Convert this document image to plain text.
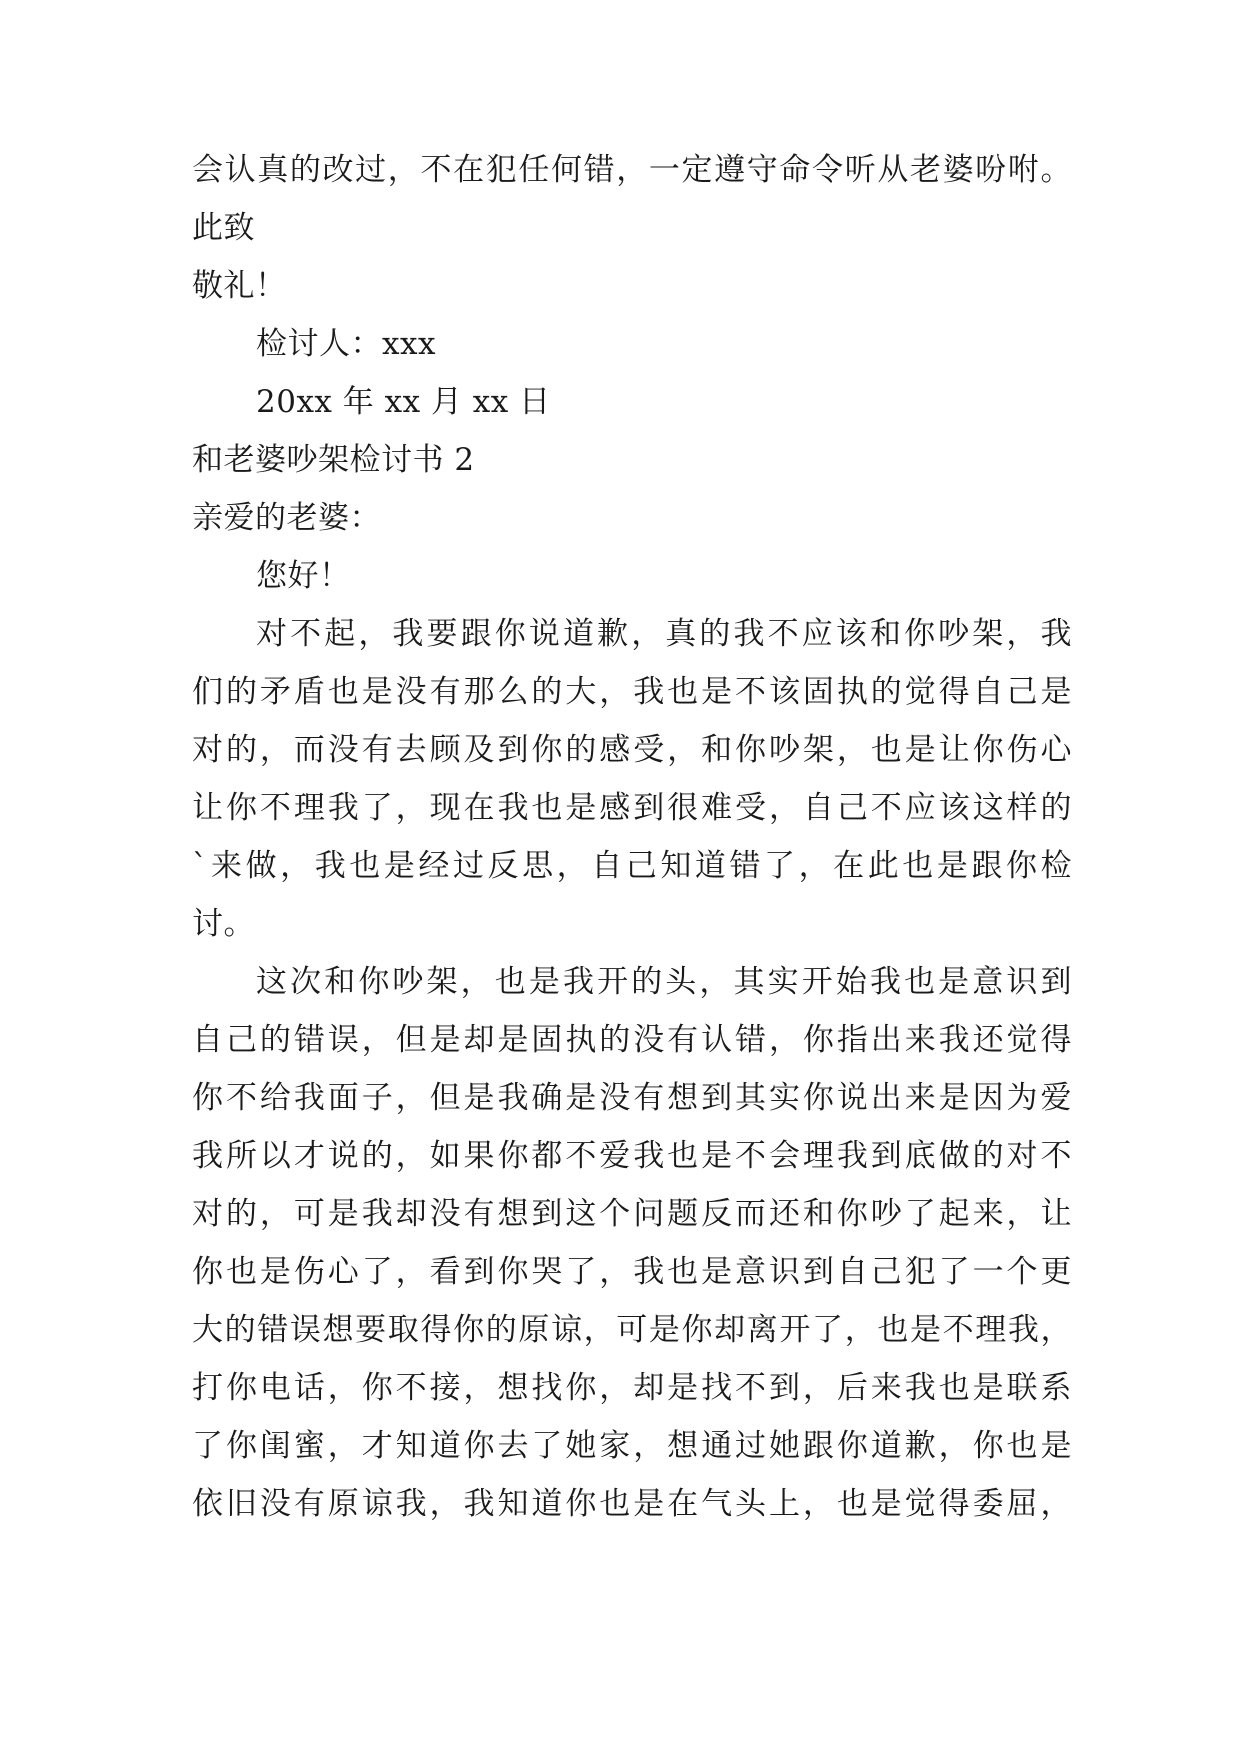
会认真的改过，不在犯任何错，一定遵守命令听从老婆吩咐。
此致
敬礼！
检讨人：xxx
20xx 年 xx 月 xx 日
和老婆吵架检讨书 2
亲爱的老婆：
您好！
对不起，我要跟你说道歉，真的我不应该和你吵架，我
们的矛盾也是没有那么的大，我也是不该固执的觉得自己是
对的，而没有去顾及到你的感受，和你吵架，也是让你伤心
让你不理我了，现在我也是感到很难受，自己不应该这样的
`来做，我也是经过反思，自己知道错了，在此也是跟你检
讨。
这次和你吵架，也是我开的头，其实开始我也是意识到
自己的错误，但是却是固执的没有认错，你指出来我还觉得
你不给我面子，但是我确是没有想到其实你说出来是因为爱
我所以才说的，如果你都不爱我也是不会理我到底做的对不
对的，可是我却没有想到这个问题反而还和你吵了起来，让
你也是伤心了，看到你哭了，我也是意识到自己犯了一个更
大的错误想要取得你的原谅，可是你却离开了，也是不理我，
打你电话，你不接，想找你，却是找不到，后来我也是联系
了你闺蜜，才知道你去了她家，想通过她跟你道歉，你也是
依旧没有原谅我，我知道你也是在气头上，也是觉得委屈，
